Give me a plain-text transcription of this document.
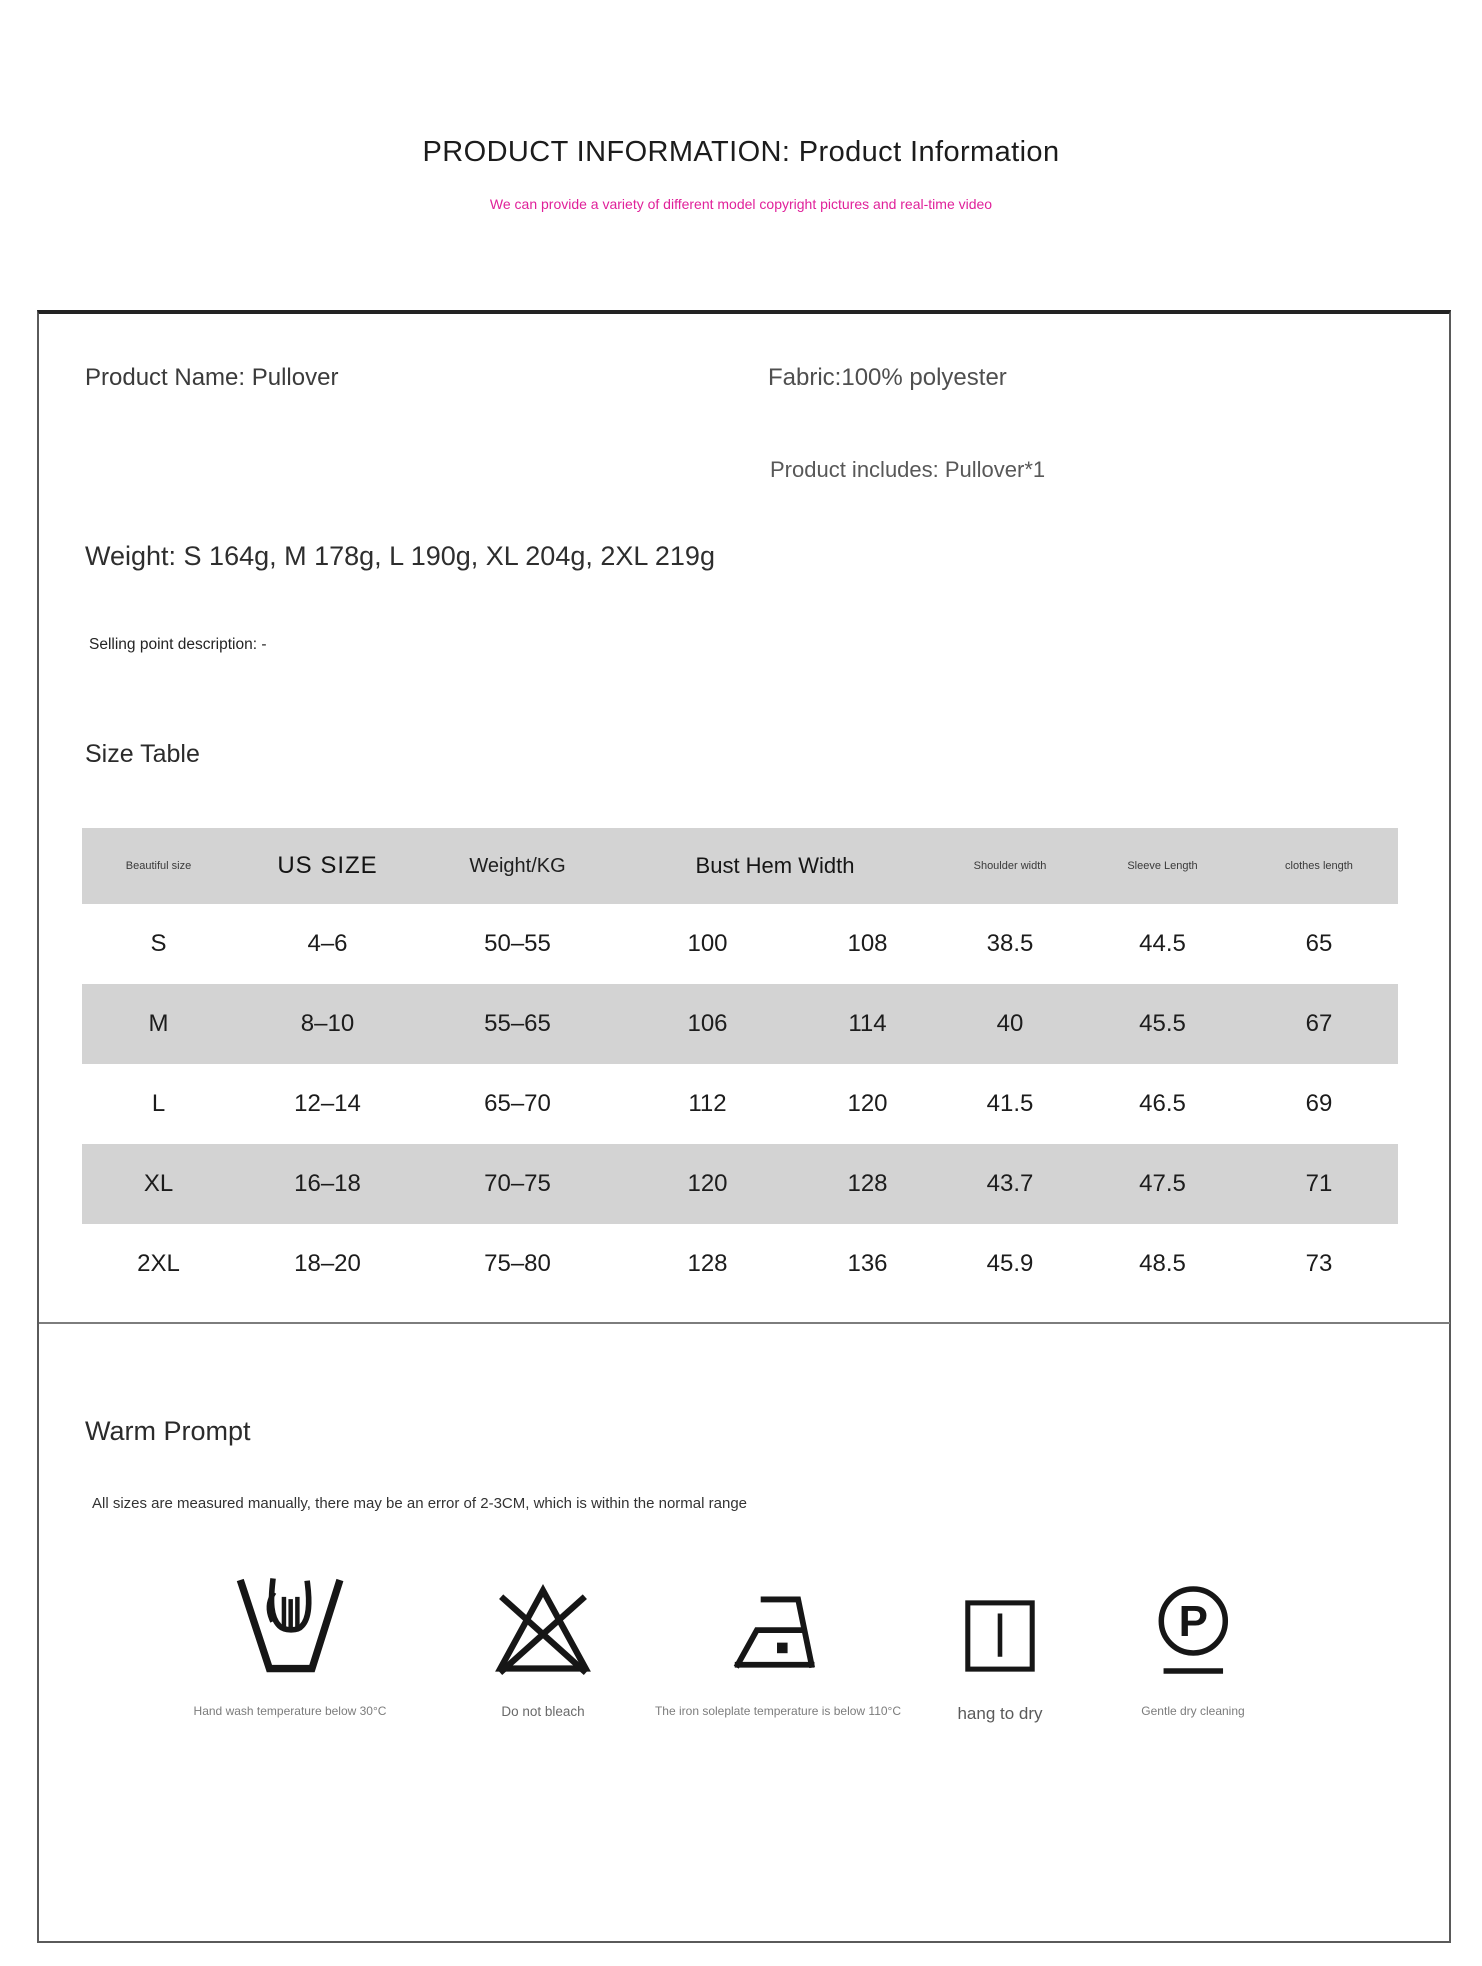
PRODUCT INFORMATION: Product Information
We can provide a variety of different model copyright pictures and real-time video
Product Name: Pullover	Fabric:100% polyester
Product includes: Pullover*1
Weight: S 164g, M 178g, L 190g, XL 204g, 2XL 219g
Selling point description: -
Size Table
Beautiful size	US SIZE	Weight/KG	Bust Hem Width		Shoulder width	Sleeve Length	clothes length
S	4–6	50–55	100	108	38.5	44.5	65
M	8–10	55–65	106	114	40	45.5	67
L	12–14	65–70	112	120	41.5	46.5	69
XL	16–18	70–75	120	128	43.7	47.5	71
2XL	18–20	75–80	128	136	45.9	48.5	73
Warm Prompt
All sizes are measured manually, there may be an error of 2-3CM, which is within the normal range
Hand wash temperature below 30°C	Do not bleach	The iron soleplate temperature is below 110°C	hang to dry
P
Gentle dry cleaning
